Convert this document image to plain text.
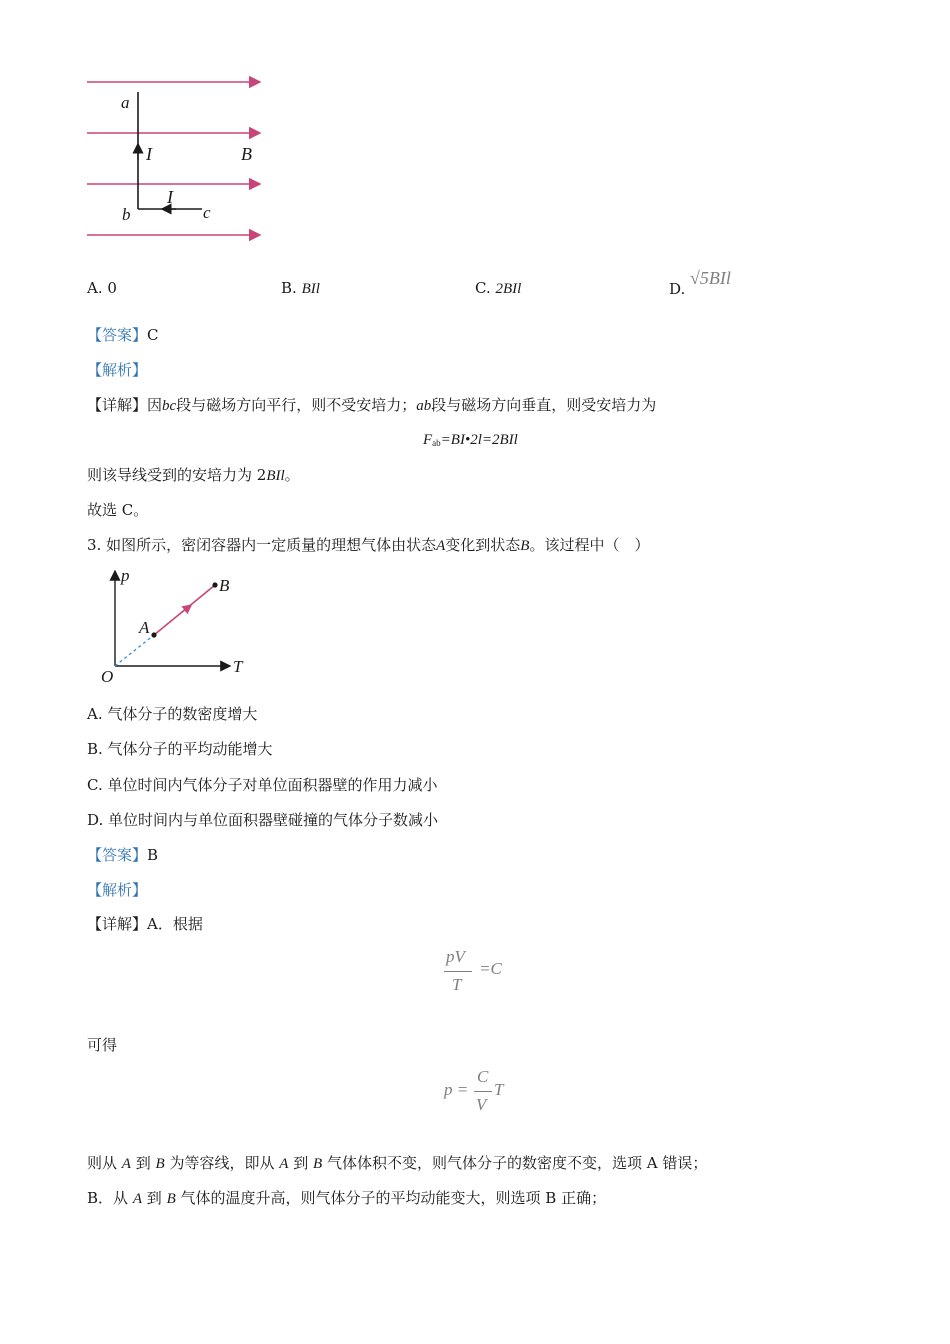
a
I	B
I
b	c
A. 0	B. BIl	C. 2BIl	D. √5BIl
【答案】C
【解析】
【详解】因bc段与磁场方向平行，则不受安培力；ab段与磁场方向垂直，则受安培力为
$F_{ab}=BI•2l=2BIl$
则该导线受到的安培力为 2BIl。
故选 C。
3. 如图所示，密闭容器内一定质量的理想气体由状态A变化到状态B。该过程中（　）
p
T
O
A
B
A. 气体分子的数密度增大
B. 气体分子的平均动能增大
C. 单位时间内气体分子对单位面积器壁的作用力减小
D. 单位时间内与单位面积器壁碰撞的气体分子数减小
【答案】B
【解析】
【详解】A．根据
pV
T
=C
可得
p =
C
V
T
则从 A 到 B 为等容线，即从 A 到 B 气体体积不变，则气体分子的数密度不变，选项 A 错误；
B．从 A 到 B 气体的温度升高，则气体分子的平均动能变大，则选项 B 正确；
